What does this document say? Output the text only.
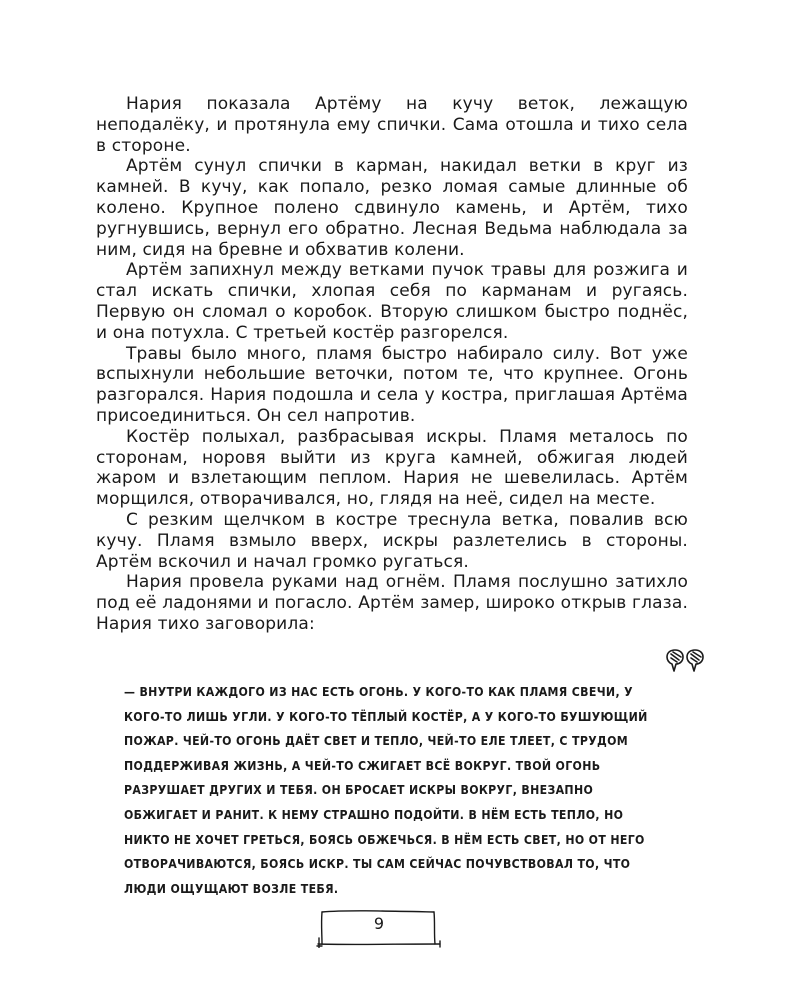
Нария показала Артёму на кучу веток, лежащую неподалёку, и протянула ему спички. Сама отошла и тихо села в стороне.

Артём сунул спички в карман, накидал ветки в круг из камней. В кучу, как попало, резко ломая самые длинные об колено. Крупное полено сдвинуло камень, и Артём, тихо ругнувшись, вернул его обратно. Лесная Ведьма наблюдала за ним, сидя на бревне и обхватив колени.

Артём запихнул между ветками пучок травы для розжига и стал искать спички, хлопая себя по карманам и ругаясь. Первую он сломал о коробок. Вторую слишком быстро поднёс, и она потухла. С третьей костёр разгорелся.

Травы было много, пламя быстро набирало силу. Вот уже вспыхнули небольшие веточки, потом те, что крупнее. Огонь разгорался. Нария подошла и села у костра, приглашая Артёма присоединиться. Он сел напротив.

Костёр полыхал, разбрасывая искры. Пламя металось по сторонам, норовя выйти из круга камней, обжигая людей жаром и взлетающим пеплом. Нария не шевелилась. Артём морщился, отворачивался, но, глядя на неё, сидел на месте.

С резким щелчком в костре треснула ветка, повалив всю кучу. Пламя взмыло вверх, искры разлетелись в стороны. Артём вскочил и начал громко ругаться.

Нария провела руками над огнём. Пламя послушно затихло под её ладонями и погасло. Артём замер, широко открыв глаза. Нария тихо заговорила:

— ВНУТРИ КАЖДОГО ИЗ НАС ЕСТЬ ОГОНЬ. У КОГО-ТО КАК ПЛАМЯ СВЕЧИ, У КОГО-ТО ЛИШЬ УГЛИ. У КОГО-ТО ТЁПЛЫЙ КОСТЁР, А У КОГО-ТО БУШУЮЩИЙ ПОЖАР. ЧЕЙ-ТО ОГОНЬ ДАЁТ СВЕТ И ТЕПЛО, ЧЕЙ-ТО ЕЛЕ ТЛЕЕТ, С ТРУДОМ ПОДДЕРЖИВАЯ ЖИЗНЬ, А ЧЕЙ-ТО СЖИГАЕТ ВСЁ ВОКРУГ. ТВОЙ ОГОНЬ РАЗРУШАЕТ ДРУГИХ И ТЕБЯ. ОН БРОСАЕТ ИСКРЫ ВОКРУГ, ВНЕЗАПНО ОБЖИГАЕТ И РАНИТ. К НЕМУ СТРАШНО ПОДОЙТИ. В НЁМ ЕСТЬ ТЕПЛО, НО НИКТО НЕ ХОЧЕТ ГРЕТЬСЯ, БОЯСЬ ОБЖЕЧЬСЯ. В НЁМ ЕСТЬ СВЕТ, НО ОТ НЕГО ОТВОРАЧИВАЮТСЯ, БОЯСЬ ИСКР. ТЫ САМ СЕЙЧАС ПОЧУВСТВОВАЛ ТО, ЧТО ЛЮДИ ОЩУЩАЮТ ВОЗЛЕ ТЕБЯ.
9
